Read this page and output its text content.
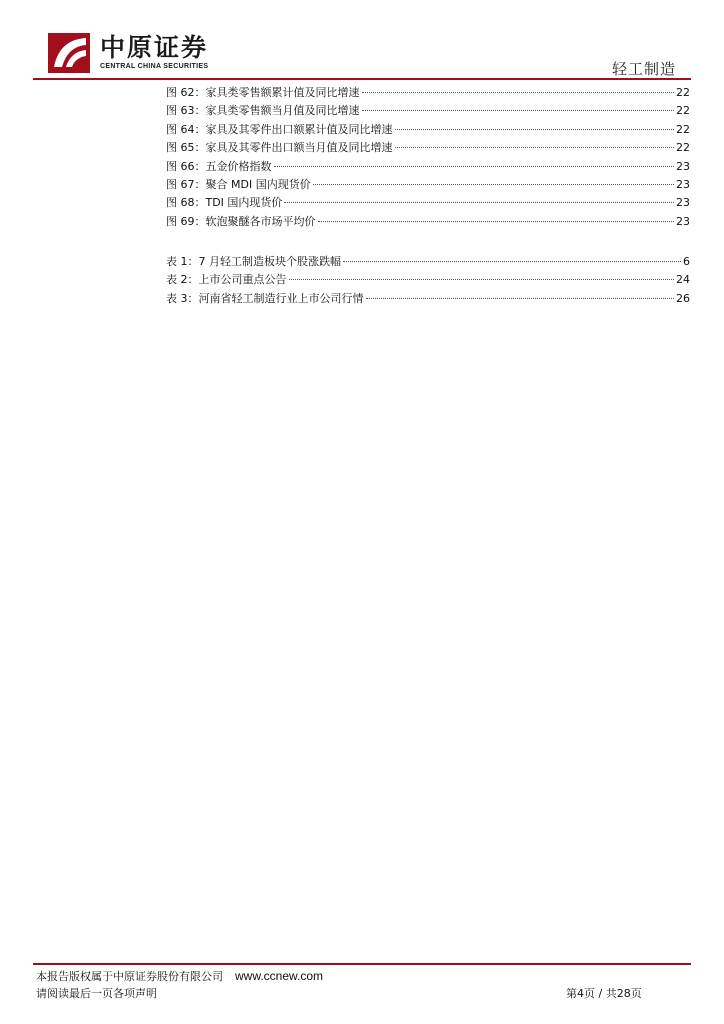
中原证券
CENTRAL CHINA SECURITIES	轻工制造
图 62：家具类零售额累计值及同比增速	22
图 63：家具类零售额当月值及同比增速	22
图 64：家具及其零件出口额累计值及同比增速	22
图 65：家具及其零件出口额当月值及同比增速	22
图 66：五金价格指数	23
图 67：聚合 MDI 国内现货价	23
图 68：TDI 国内现货价	23
图 69：软泡聚醚各市场平均价	23
表 1：7 月轻工制造板块个股涨跌幅	6
表 2：上市公司重点公告	24
表 3：河南省轻工制造行业上市公司行情	26
本报告版权属于中原证券股份有限公司 www.ccnew.com
请阅读最后一页各项声明	第4页 / 共28页
